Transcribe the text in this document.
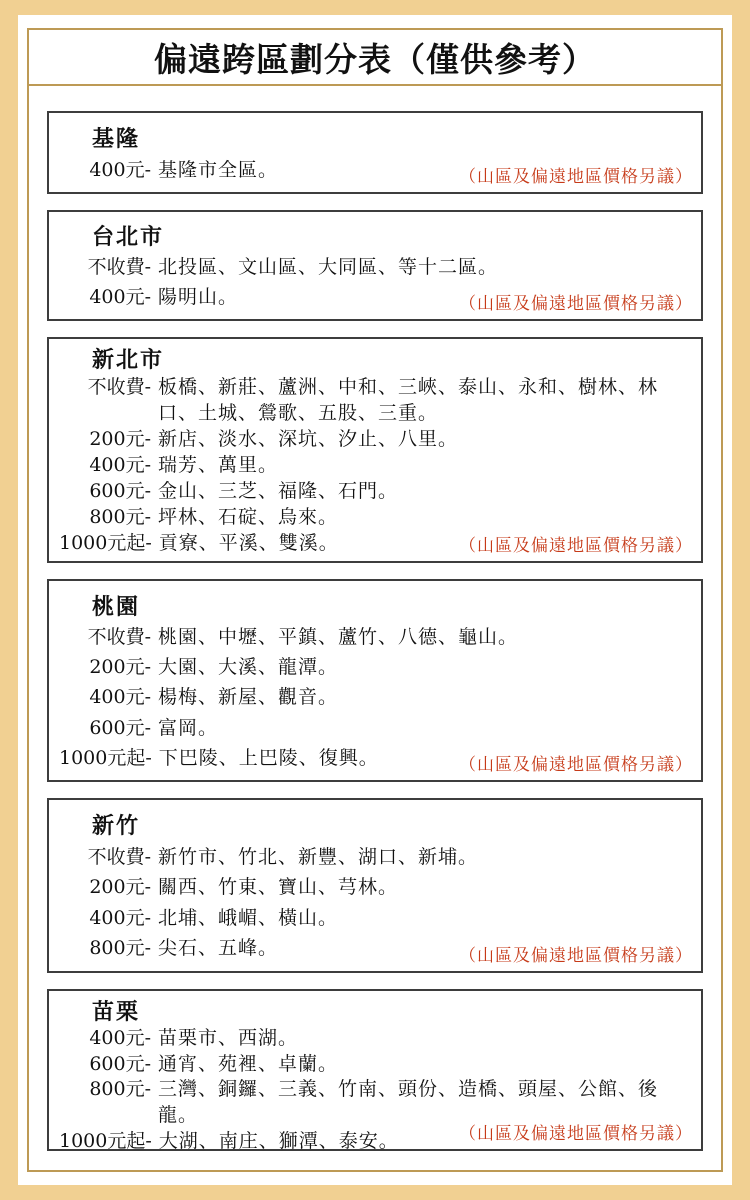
偏遠跨區劃分表（僅供參考）
基隆
400元- 基隆市全區。	（山區及偏遠地區價格另議）
台北市
不收費- 北投區、文山區、大同區、等十二區。
400元- 陽明山。	（山區及偏遠地區價格另議）
新北市
不收費- 板橋、新莊、蘆洲、中和、三峽、泰山、永和、樹林、林口、土城、鶯歌、五股、三重。
200元- 新店、淡水、深坑、汐止、八里。
400元- 瑞芳、萬里。
600元- 金山、三芝、福隆、石門。
800元- 坪林、石碇、烏來。
1000元起- 貢寮、平溪、雙溪。	（山區及偏遠地區價格另議）
桃園
不收費- 桃園、中壢、平鎮、蘆竹、八德、龜山。
200元- 大園、大溪、龍潭。
400元- 楊梅、新屋、觀音。
600元- 富岡。
1000元起- 下巴陵、上巴陵、復興。	（山區及偏遠地區價格另議）
新竹
不收費- 新竹市、竹北、新豐、湖口、新埔。
200元- 關西、竹東、寶山、芎林。
400元- 北埔、峨嵋、橫山。
800元- 尖石、五峰。	（山區及偏遠地區價格另議）
苗栗
400元- 苗栗市、西湖。
600元- 通宵、苑裡、卓蘭。
800元- 三灣、銅鑼、三義、竹南、頭份、造橋、頭屋、公館、後龍。
1000元起- 大湖、南庄、獅潭、泰安。	（山區及偏遠地區價格另議）
